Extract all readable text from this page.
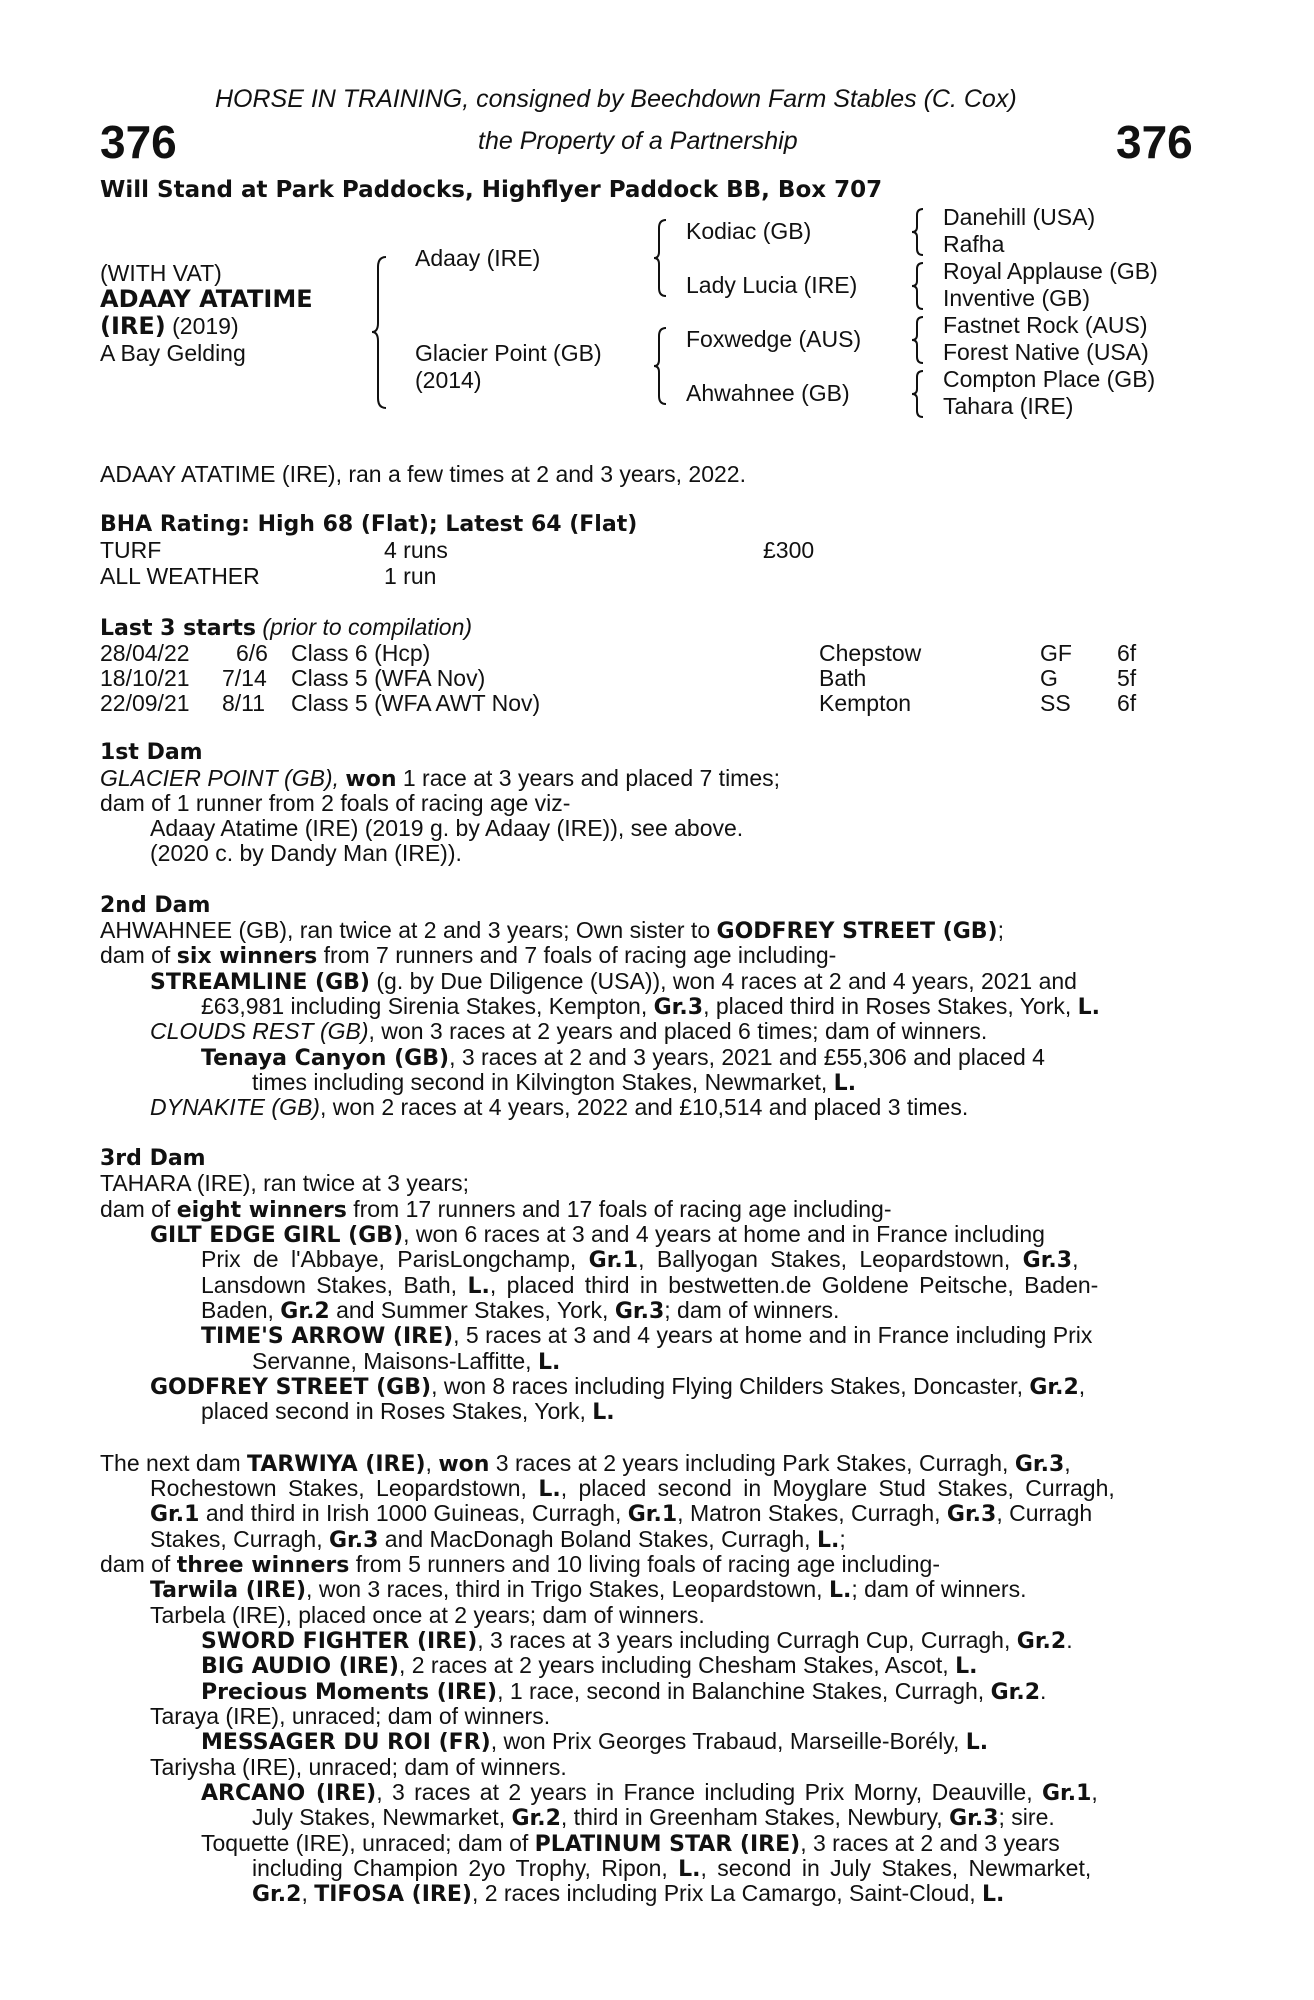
HORSE IN TRAINING, consigned by Beechdown Farm Stables (C. Cox)
the Property of a Partnership
376	376
Will Stand at Park Paddocks, Highflyer Paddock BB, Box 707
(WITH VAT)
ADAAY ATATIME
(IRE) (2019)
A Bay Gelding
Adaay (IRE)
Glacier Point (GB)
(2014)
Kodiac (GB)
Lady Lucia (IRE)
Foxwedge (AUS)
Ahwahnee (GB)
Danehill (USA)
Rafha
Royal Applause (GB)
Inventive (GB)
Fastnet Rock (AUS)
Forest Native (USA)
Compton Place (GB)
Tahara (IRE)
ADAAY ATATIME (IRE), ran a few times at 2 and 3 years, 2022.
BHA Rating: High 68 (Flat); Latest 64 (Flat)
TURF	4 runs	£300
ALL WEATHER	1 run
Last 3 starts (prior to compilation)
28/04/22 6/6 Class 6 (Hcp)	Chepstow	GF 6f
18/10/21 7/14 Class 5 (WFA Nov)	Bath	G	5f
22/09/21 8/11 Class 5 (WFA AWT Nov)	Kempton	SS 6f
1st Dam
GLACIER POINT (GB), won 1 race at 3 years and placed 7 times;
dam of 1 runner from 2 foals of racing age viz-
Adaay Atatime (IRE) (2019 g. by Adaay (IRE)), see above.
(2020 c. by Dandy Man (IRE)).
2nd Dam
AHWAHNEE (GB), ran twice at 2 and 3 years; Own sister to GODFREY STREET (GB);
dam of six winners from 7 runners and 7 foals of racing age including-
STREAMLINE (GB) (g. by Due Diligence (USA)), won 4 races at 2 and 4 years, 2021 and
£63,981 including Sirenia Stakes, Kempton, Gr.3, placed third in Roses Stakes, York, L.
CLOUDS REST (GB), won 3 races at 2 years and placed 6 times; dam of winners.
Tenaya Canyon (GB), 3 races at 2 and 3 years, 2021 and £55,306 and placed 4
times including second in Kilvington Stakes, Newmarket, L.
DYNAKITE (GB), won 2 races at 4 years, 2022 and £10,514 and placed 3 times.
3rd Dam
TAHARA (IRE), ran twice at 3 years;
dam of eight winners from 17 runners and 17 foals of racing age including-
GILT EDGE GIRL (GB), won 6 races at 3 and 4 years at home and in France including
Prix de l'Abbaye, ParisLongchamp, Gr.1, Ballyogan Stakes, Leopardstown, Gr.3,
Lansdown Stakes, Bath, L., placed third in bestwetten.de Goldene Peitsche, Baden-
Baden, Gr.2 and Summer Stakes, York, Gr.3; dam of winners.
TIME'S ARROW (IRE), 5 races at 3 and 4 years at home and in France including Prix
Servanne, Maisons-Laffitte, L.
GODFREY STREET (GB), won 8 races including Flying Childers Stakes, Doncaster, Gr.2,
placed second in Roses Stakes, York, L.
The next dam TARWIYA (IRE), won 3 races at 2 years including Park Stakes, Curragh, Gr.3,
Rochestown Stakes, Leopardstown, L., placed second in Moyglare Stud Stakes, Curragh,
Gr.1 and third in Irish 1000 Guineas, Curragh, Gr.1, Matron Stakes, Curragh, Gr.3, Curragh
Stakes, Curragh, Gr.3 and MacDonagh Boland Stakes, Curragh, L.;
dam of three winners from 5 runners and 10 living foals of racing age including-
Tarwila (IRE), won 3 races, third in Trigo Stakes, Leopardstown, L.; dam of winners.
Tarbela (IRE), placed once at 2 years; dam of winners.
SWORD FIGHTER (IRE), 3 races at 3 years including Curragh Cup, Curragh, Gr.2.
BIG AUDIO (IRE), 2 races at 2 years including Chesham Stakes, Ascot, L.
Precious Moments (IRE), 1 race, second in Balanchine Stakes, Curragh, Gr.2.
Taraya (IRE), unraced; dam of winners.
MESSAGER DU ROI (FR), won Prix Georges Trabaud, Marseille-Borély, L.
Tariysha (IRE), unraced; dam of winners.
ARCANO (IRE), 3 races at 2 years in France including Prix Morny, Deauville, Gr.1,
July Stakes, Newmarket, Gr.2, third in Greenham Stakes, Newbury, Gr.3; sire.
Toquette (IRE), unraced; dam of PLATINUM STAR (IRE), 3 races at 2 and 3 years
including Champion 2yo Trophy, Ripon, L., second in July Stakes, Newmarket,
Gr.2, TIFOSA (IRE), 2 races including Prix La Camargo, Saint-Cloud, L.
